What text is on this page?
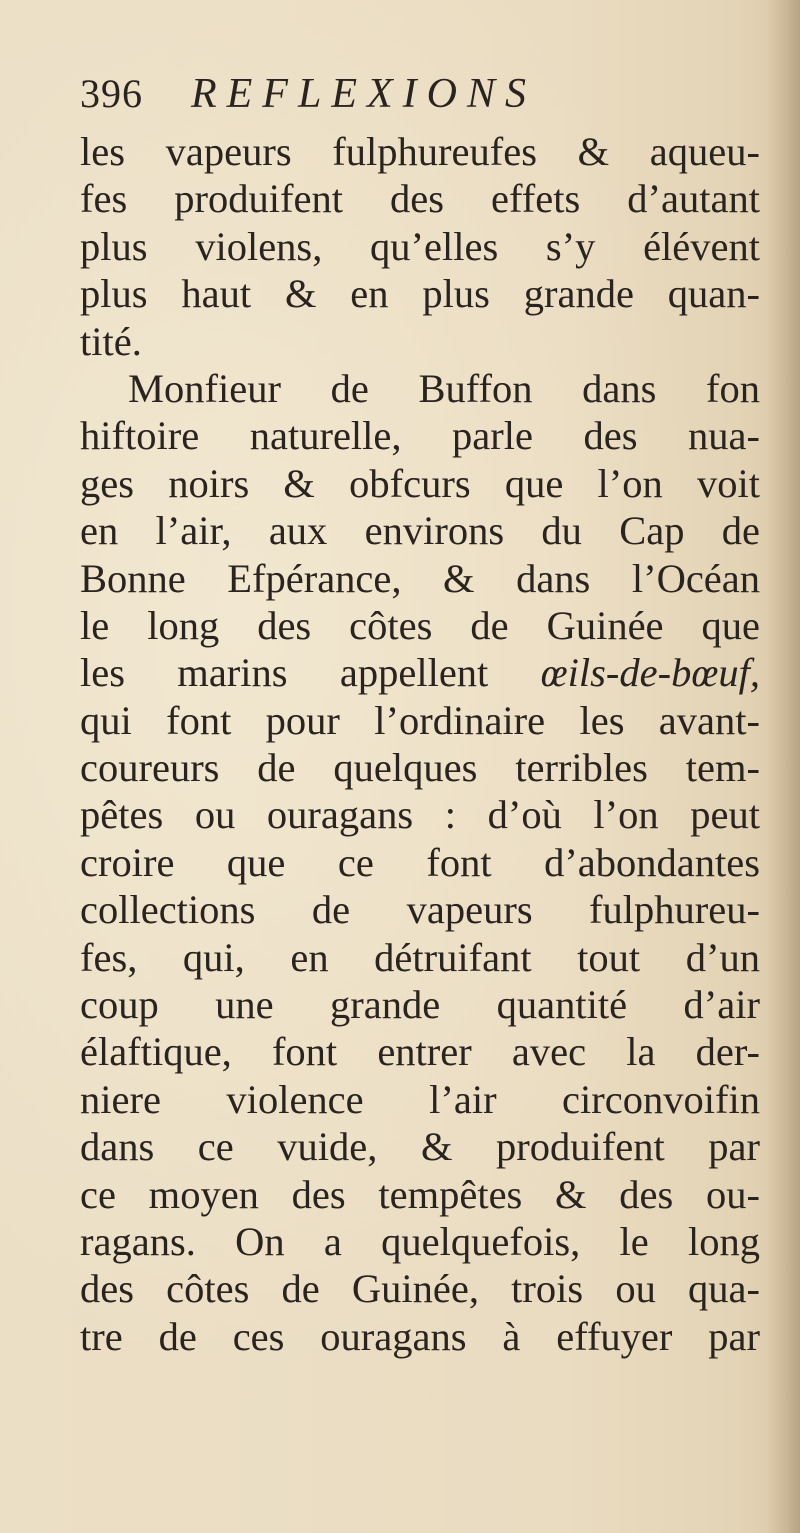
396 REFLEXIONS
les vapeurs fulphureufes & aqueu-
fes produifent des effets d’autant
plus violens, qu’elles s’y élévent
plus haut & en plus grande quan-
tité.
Monfieur de Buffon dans fon
hiftoire naturelle, parle des nua-
ges noirs & obfcurs que l’on voit
en l’air, aux environs du Cap de
Bonne Efpérance, & dans l’Océan
le long des côtes de Guinée que
les marins appellent œils-de-bœuf,
qui font pour l’ordinaire les avant-
coureurs de quelques terribles tem-
pêtes ou ouragans : d’où l’on peut
croire que ce font d’abondantes
collections de vapeurs fulphureu-
fes, qui, en détruifant tout d’un
coup une grande quantité d’air
élaftique, font entrer avec la der-
niere violence l’air circonvoifin
dans ce vuide, & produifent par
ce moyen des tempêtes & des ou-
ragans. On a quelquefois, le long
des côtes de Guinée, trois ou qua-
tre de ces ouragans à effuyer par
